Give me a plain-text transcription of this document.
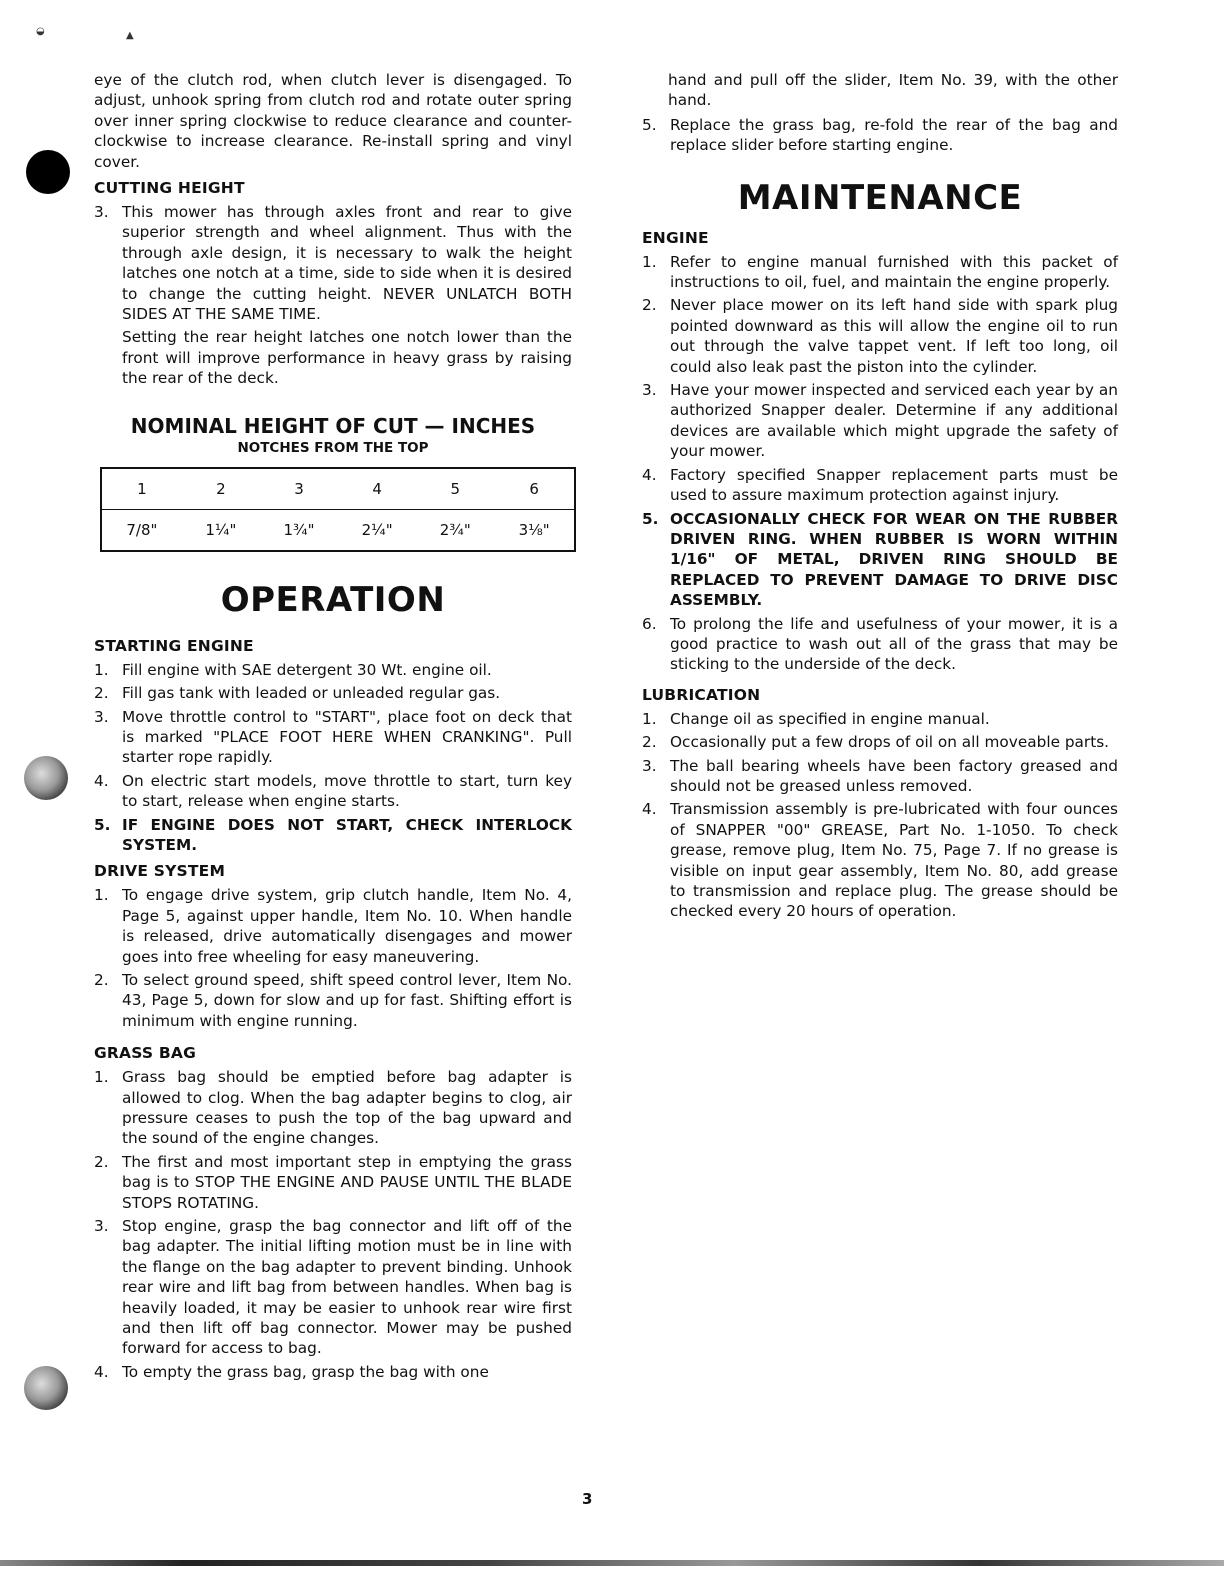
◒	▲

eye of the clutch rod, when clutch lever is disengaged. To adjust, unhook spring from clutch rod and rotate outer spring over inner spring clockwise to reduce clearance and counter-clockwise to increase clearance. Re-install spring and vinyl cover.

CUTTING HEIGHT
3. This mower has through axles front and rear to give superior strength and wheel alignment. Thus with the through axle design, it is necessary to walk the height latches one notch at a time, side to side when it is desired to change the cutting height. NEVER UNLATCH BOTH SIDES AT THE SAME TIME.

Setting the rear height latches one notch lower than the front will improve performance in heavy grass by raising the rear of the deck.

NOMINAL HEIGHT OF CUT — INCHES
NOTCHES FROM THE TOP
1	2	3	4	5	6
7/8"	1¼"	1¾"	2¼"	2¾"	3⅛"
OPERATION
STARTING ENGINE
1. Fill engine with SAE detergent 30 Wt. engine oil.
2. Fill gas tank with leaded or unleaded regular gas.
3. Move throttle control to "START", place foot on deck that is marked "PLACE FOOT HERE WHEN CRANKING". Pull starter rope rapidly.
4. On electric start models, move throttle to start, turn key to start, release when engine starts.
5. IF ENGINE DOES NOT START, CHECK INTERLOCK SYSTEM.
DRIVE SYSTEM
1. To engage drive system, grip clutch handle, Item No. 4, Page 5, against upper handle, Item No. 10. When handle is released, drive automatically disengages and mower goes into free wheeling for easy maneuvering.
2. To select ground speed, shift speed control lever, Item No. 43, Page 5, down for slow and up for fast. Shifting effort is minimum with engine running.
GRASS BAG
1. Grass bag should be emptied before bag adapter is allowed to clog. When the bag adapter begins to clog, air pressure ceases to push the top of the bag upward and the sound of the engine changes.
2. The first and most important step in emptying the grass bag is to STOP THE ENGINE AND PAUSE UNTIL THE BLADE STOPS ROTATING.
3. Stop engine, grasp the bag connector and lift off of the bag adapter. The initial lifting motion must be in line with the flange on the bag adapter to prevent binding. Unhook rear wire and lift bag from between handles. When bag is heavily loaded, it may be easier to unhook rear wire first and then lift off bag connector. Mower may be pushed forward for access to bag.
4. To empty the grass bag, grasp the bag with one

hand and pull off the slider, Item No. 39, with the other hand.

5. Replace the grass bag, re-fold the rear of the bag and replace slider before starting engine.
MAINTENANCE
ENGINE
1. Refer to engine manual furnished with this packet of instructions to oil, fuel, and maintain the engine properly.
2. Never place mower on its left hand side with spark plug pointed downward as this will allow the engine oil to run out through the valve tappet vent. If left too long, oil could also leak past the piston into the cylinder.
3. Have your mower inspected and serviced each year by an authorized Snapper dealer. Determine if any additional devices are available which might upgrade the safety of your mower.
4. Factory specified Snapper replacement parts must be used to assure maximum protection against injury.
5. OCCASIONALLY CHECK FOR WEAR ON THE RUBBER DRIVEN RING. WHEN RUBBER IS WORN WITHIN 1/16" OF METAL, DRIVEN RING SHOULD BE REPLACED TO PREVENT DAMAGE TO DRIVE DISC ASSEMBLY.
6. To prolong the life and usefulness of your mower, it is a good practice to wash out all of the grass that may be sticking to the underside of the deck.
LUBRICATION
1. Change oil as specified in engine manual.
2. Occasionally put a few drops of oil on all moveable parts.
3. The ball bearing wheels have been factory greased and should not be greased unless removed.
4. Transmission assembly is pre-lubricated with four ounces of SNAPPER "00" GREASE, Part No. 1-1050. To check grease, remove plug, Item No. 75, Page 7. If no grease is visible on input gear assembly, Item No. 80, add grease to transmission and replace plug. The grease should be checked every 20 hours of operation.
3
